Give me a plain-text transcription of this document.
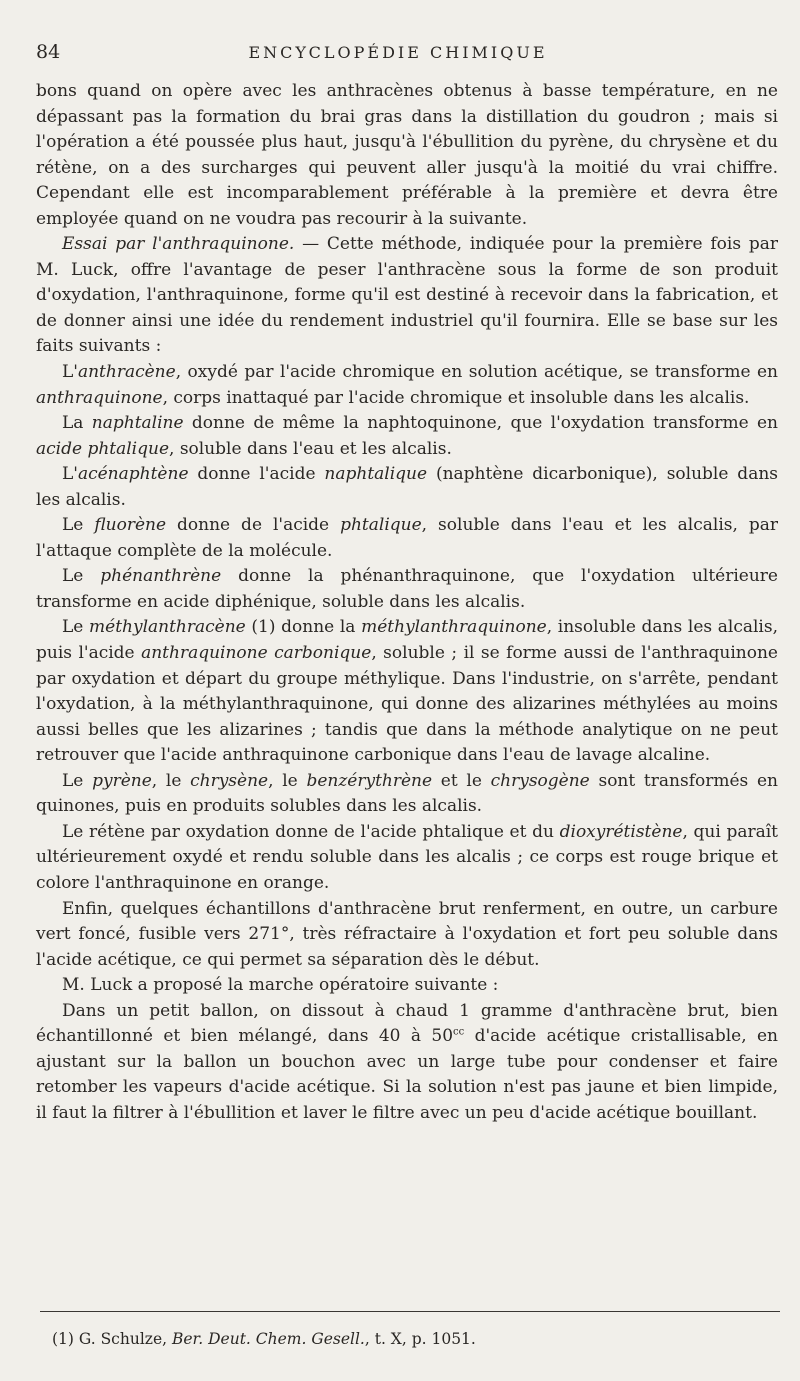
84	ENCYCLOPÉDIE CHIMIQUE

bons quand on opère avec les anthracènes obtenus à basse température, en ne dépassant pas la formation du brai gras dans la distillation du goudron ; mais si l'opération a été poussée plus haut, jusqu'à l'ébullition du pyrène, du chrysène et du rétène, on a des surcharges qui peuvent aller jusqu'à la moitié du vrai chiffre. Cependant elle est incomparablement préférable à la première et devra être employée quand on ne voudra pas recourir à la suivante.

Essai par l'anthraquinone. — Cette méthode, indiquée pour la première fois par M. Luck, offre l'avantage de peser l'anthracène sous la forme de son produit d'oxydation, l'anthraquinone, forme qu'il est destiné à recevoir dans la fabrication, et de donner ainsi une idée du rendement industriel qu'il fournira. Elle se base sur les faits suivants :

L'anthracène, oxydé par l'acide chromique en solution acétique, se transforme en anthraquinone, corps inattaqué par l'acide chromique et insoluble dans les alcalis.

La naphtaline donne de même la naphtoquinone, que l'oxydation transforme en acide phtalique, soluble dans l'eau et les alcalis.

L'acénaphtène donne l'acide naphtalique (naphtène dicarbonique), soluble dans les alcalis.

Le fluorène donne de l'acide phtalique, soluble dans l'eau et les alcalis, par l'attaque complète de la molécule.

Le phénanthrène donne la phénanthraquinone, que l'oxydation ultérieure transforme en acide diphénique, soluble dans les alcalis.

Le méthylanthracène (1) donne la méthylanthraquinone, insoluble dans les alcalis, puis l'acide anthraquinone carbonique, soluble ; il se forme aussi de l'anthraquinone par oxydation et départ du groupe méthylique. Dans l'industrie, on s'arrête, pendant l'oxydation, à la méthylanthraquinone, qui donne des alizarines méthylées au moins aussi belles que les alizarines ; tandis que dans la méthode analytique on ne peut retrouver que l'acide anthraquinone carbonique dans l'eau de lavage alcaline.

Le pyrène, le chrysène, le benzérythrène et le chrysogène sont transformés en quinones, puis en produits solubles dans les alcalis.

Le rétène par oxydation donne de l'acide phtalique et du dioxyrétistène, qui paraît ultérieurement oxydé et rendu soluble dans les alcalis ; ce corps est rouge brique et colore l'anthraquinone en orange.

Enfin, quelques échantillons d'anthracène brut renferment, en outre, un carbure vert foncé, fusible vers 271°, très réfractaire à l'oxydation et fort peu soluble dans l'acide acétique, ce qui permet sa séparation dès le début.

M. Luck a proposé la marche opératoire suivante :

Dans un petit ballon, on dissout à chaud 1 gramme d'anthracène brut, bien échantillonné et bien mélangé, dans 40 à $50^{cc}$ d'acide acétique cristallisable, en ajustant sur la ballon un bouchon avec un large tube pour condenser et faire retomber les vapeurs d'acide acétique. Si la solution n'est pas jaune et bien limpide, il faut la filtrer à l'ébullition et laver le filtre avec un peu d'acide acétique bouillant.

(1) G. Schulze, Ber. Deut. Chem. Gesell., t. X, p. 1051.
